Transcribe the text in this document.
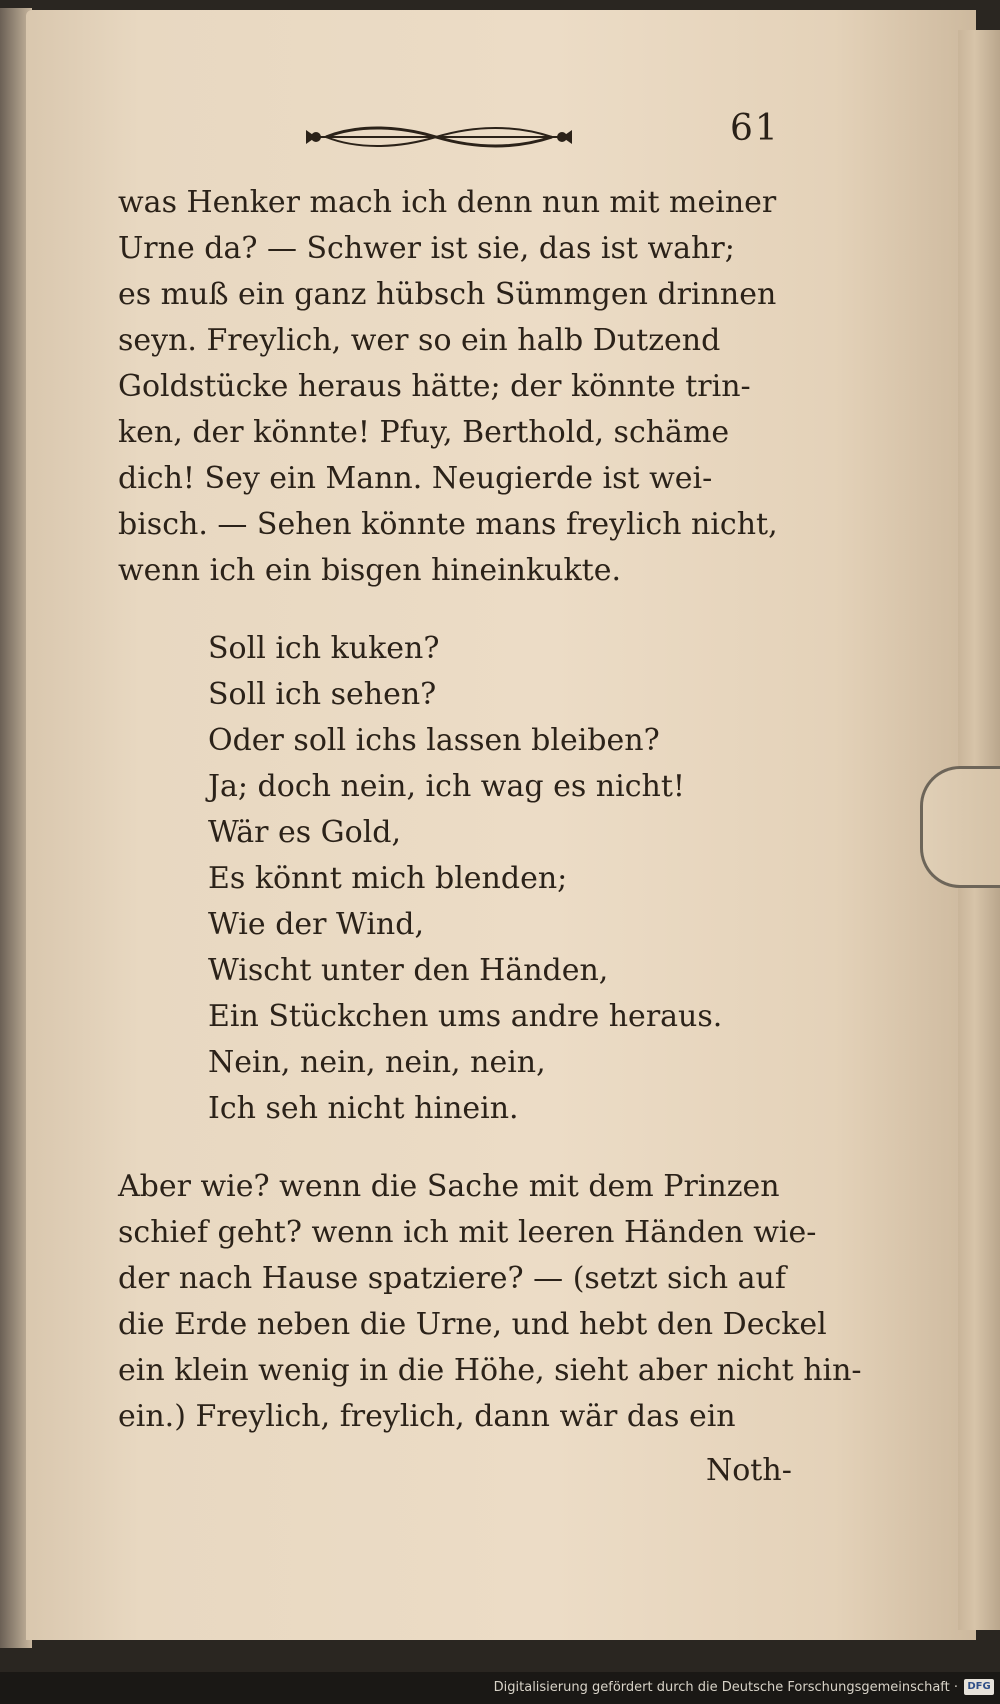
61
was Henker mach ich denn nun mit meiner
Urne da? — Schwer ist sie, das ist wahr;
es muß ein ganz hübsch Sümmgen drinnen
seyn. Freylich, wer so ein halb Dutzend
Goldstücke heraus hätte; der könnte trin-
ken, der könnte! Pfuy, Berthold, schäme
dich! Sey ein Mann. Neugierde ist wei-
bisch. — Sehen könnte mans freylich nicht,
wenn ich ein bisgen hineinkukte.
Soll ich kuken?
Soll ich sehen?
Oder soll ichs lassen bleiben?
Ja; doch nein, ich wag es nicht!
Wär es Gold,
Es könnt mich blenden;
Wie der Wind,
Wischt unter den Händen,
Ein Stückchen ums andre heraus.
Nein, nein, nein, nein,
Ich seh nicht hinein.
Aber wie? wenn die Sache mit dem Prinzen
schief geht? wenn ich mit leeren Händen wie-
der nach Hause spatziere? — (setzt sich auf
die Erde neben die Urne, und hebt den Deckel
ein klein wenig in die Höhe, sieht aber nicht hin-
ein.) Freylich, freylich, dann wär das ein
Noth-
Digitalisierung gefördert durch die Deutsche Forschungsgemeinschaft · DFG
